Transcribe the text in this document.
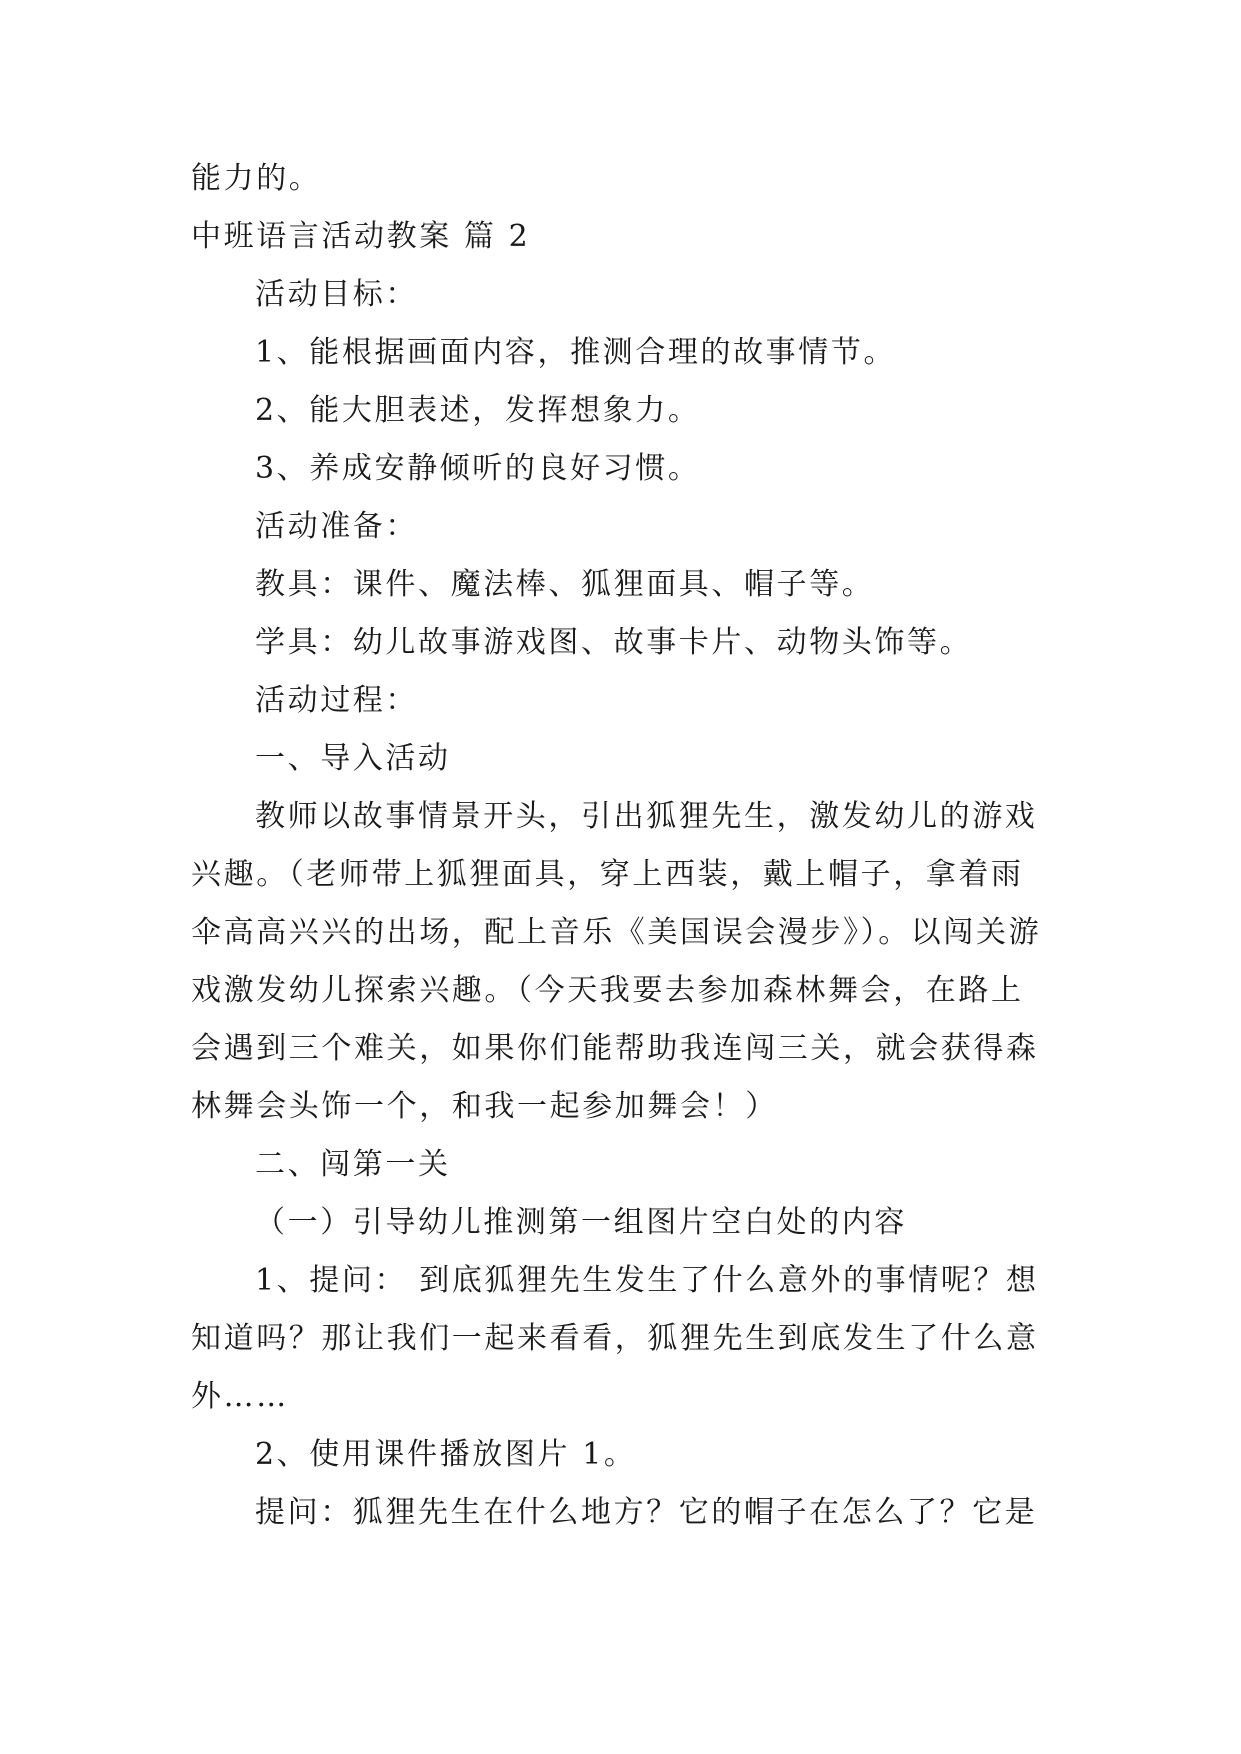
能力的。

中班语言活动教案 篇 2

活动目标：

1、能根据画面内容，推测合理的故事情节。

2、能大胆表述，发挥想象力。

3、养成安静倾听的良好习惯。

活动准备：

教具：课件、魔法棒、狐狸面具、帽子等。

学具：幼儿故事游戏图、故事卡片、动物头饰等。

活动过程：

一、导入活动

教师以故事情景开头，引出狐狸先生，激发幼儿的游戏

兴趣。（老师带上狐狸面具，穿上西装，戴上帽子，拿着雨

伞高高兴兴的出场，配上音乐《美国误会漫步》）。以闯关游

戏激发幼儿探索兴趣。（今天我要去参加森林舞会，在路上

会遇到三个难关，如果你们能帮助我连闯三关，就会获得森

林舞会头饰一个，和我一起参加舞会！）

二、闯第一关

（一）引导幼儿推测第一组图片空白处的内容

1、提问： 到底狐狸先生发生了什么意外的事情呢？想

知道吗？那让我们一起来看看，狐狸先生到底发生了什么意

外……

2、使用课件播放图片 1。

提问：狐狸先生在什么地方？它的帽子在怎么了？它是
